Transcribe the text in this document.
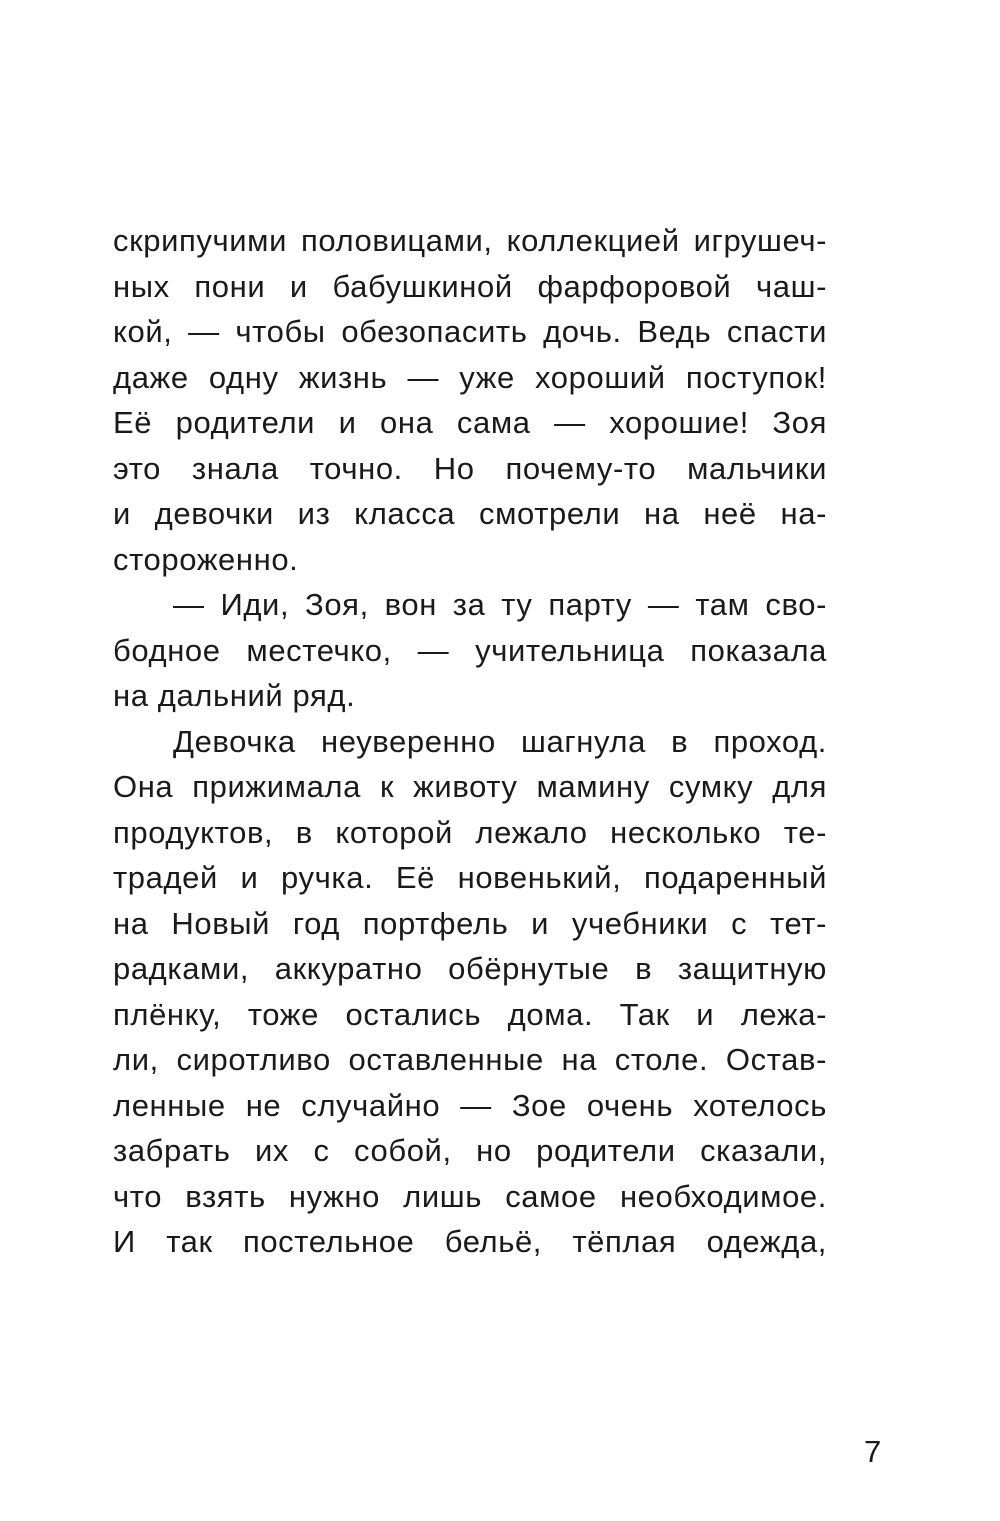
скрипучими половицами, коллекцией игрушеч-
ных пони и бабушкиной фарфоровой чаш-
кой, — чтобы обезопасить дочь. Ведь спасти
даже одну жизнь — уже хороший поступок!
Её родители и она сама — хорошие! Зоя
это знала точно. Но почему-то мальчики
и девочки из класса смотрели на неё на-
стороженно.
— Иди, Зоя, вон за ту парту — там сво-
бодное местечко, — учительница показала
на дальний ряд.
Девочка неуверенно шагнула в проход.
Она прижимала к животу мамину сумку для
продуктов, в которой лежало несколько те-
традей и ручка. Её новенький, подаренный
на Новый год портфель и учебники с тет-
радками, аккуратно обёрнутые в защитную
плёнку, тоже остались дома. Так и лежа-
ли, сиротливо оставленные на столе. Остав-
ленные не случайно — Зое очень хотелось
забрать их с собой, но родители сказали,
что взять нужно лишь самое необходимое.
И так постельное бельё, тёплая одежда,
7
